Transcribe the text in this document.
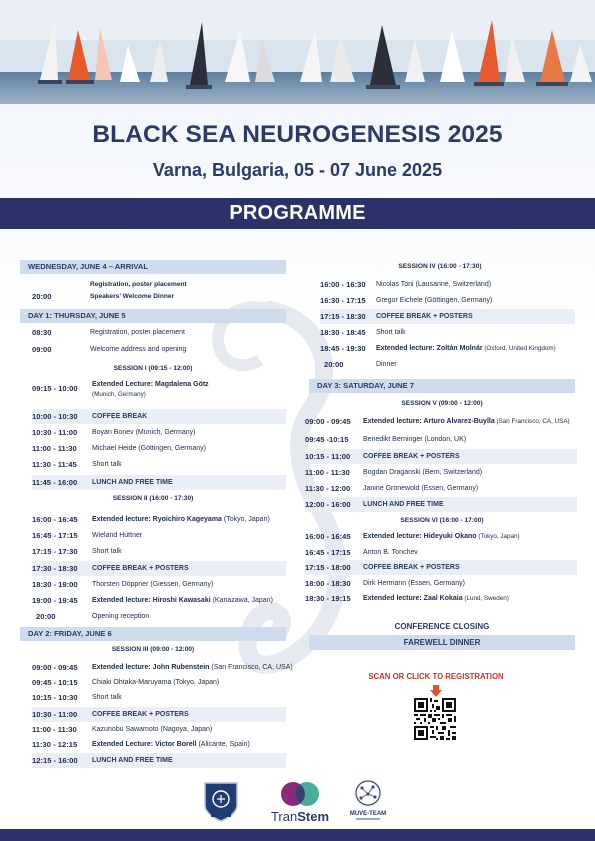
BLACK SEA NEUROGENESIS 2025
Varna, Bulgaria, 05 - 07 June 2025
PROGRAMME
WEDNESDAY, JUNE 4 – ARRIVAL
Registration, poster placement
20:00	Speakers’ Welcome Dinner
DAY 1: THURSDAY, JUNE 5
08:30	Registration, poster placement
09:00	Welcome address and opening
SESSION I (09:15 - 12:00)
09:15 - 10:00 Extended Lecture: Magdalena Götz
(Munich, Germany)
10:00 - 10:30 COFFEE BREAK
10:30 - 11:00 Boyan Bonev (Munich, Germany)
11:00 - 11:30 Michael Heide (Göttingen, Germany)
11:30 - 11:45 Short talk
11:45 - 16:00 LUNCH AND FREE TIME
SESSION II (16:00 - 17:30)
16:00 - 16:45 Extended lecture: Ryoichiro Kageyama (Tokyo, Japan)
16:45 - 17:15 Wieland Huttner
17:15 - 17:30 Short talk
17:30 - 18:30 COFFEE BREAK + POSTERS
18:30 - 19:00 Thorsten Döppner (Giessen, Germany)
19:00 - 19:45 Extended lecture: Hiroshi Kawasaki (Kanazawa, Japan)
20:00	Opening reception
DAY 2: FRIDAY, JUNE 6
SESSION III (09:00 - 12:00)
09:00 - 09:45 Extended lecture: John Rubenstein (San Francisco, CA, USA)
09:45 - 10:15 Chiaki Ohtaka-Maruyama (Tokyo, Japan)
10:15 - 10:30 Short talk
10:30 - 11:00 COFFEE BREAK + POSTERS
11:00 - 11:30 Kazunobu Sawamoto (Nagoya, Japan)
11:30 - 12:15 Extended Lecture: Victor Borell (Alicante, Spain)
12:15 - 16:00 LUNCH AND FREE TIME
SESSION IV (16:00 - 17:30)
16:00 - 16:30 Nicolas Toni (Lausanne, Switzerland)
16:30 - 17:15 Gregor Eichele (Göttingen, Germany)
17:15 - 18:30 COFFEE BREAK + POSTERS
18:30 - 18:45 Short talk
18:45 - 19:30 Extended lecture: Zoltán Molnár (Oxford, United Kingdom)
20:00	Dinner
DAY 3: SATURDAY, JUNE 7
SESSION V (09:00 - 12:00)
09:00 - 09:45 Extended lecture: Arturo Alvarez-Buylla (San Francisco, CA, USA)
09:45 -10:15 Benedikt Berninger (London, UK)
10:15 - 11:00 COFFEE BREAK + POSTERS
11:00 - 11:30 Bogdan Draganski (Bern, Switzerland)
11:30 - 12:00 Janine Gronewold (Essen, Germany)
12:00 - 16:00 LUNCH AND FREE TIME
SESSION VI (16:00 - 17:00)
16:00 - 16:45 Extended lecture: Hideyuki Okano (Tokyo, Japan)
16:45 - 17:15 Anton B. Tonchev
17:15 - 18:00 COFFEE BREAK + POSTERS
18:00 - 18:30 Dirk Hermann (Essen, Germany)
18:30 - 19:15 Extended lecture: Zaal Kokaia (Lund, Sweden)
CONFERENCE CLOSING
FAREWELL DINNER
SCAN OR CLICK TO REGISTRATION
TranStem	MUVE-TEAM
